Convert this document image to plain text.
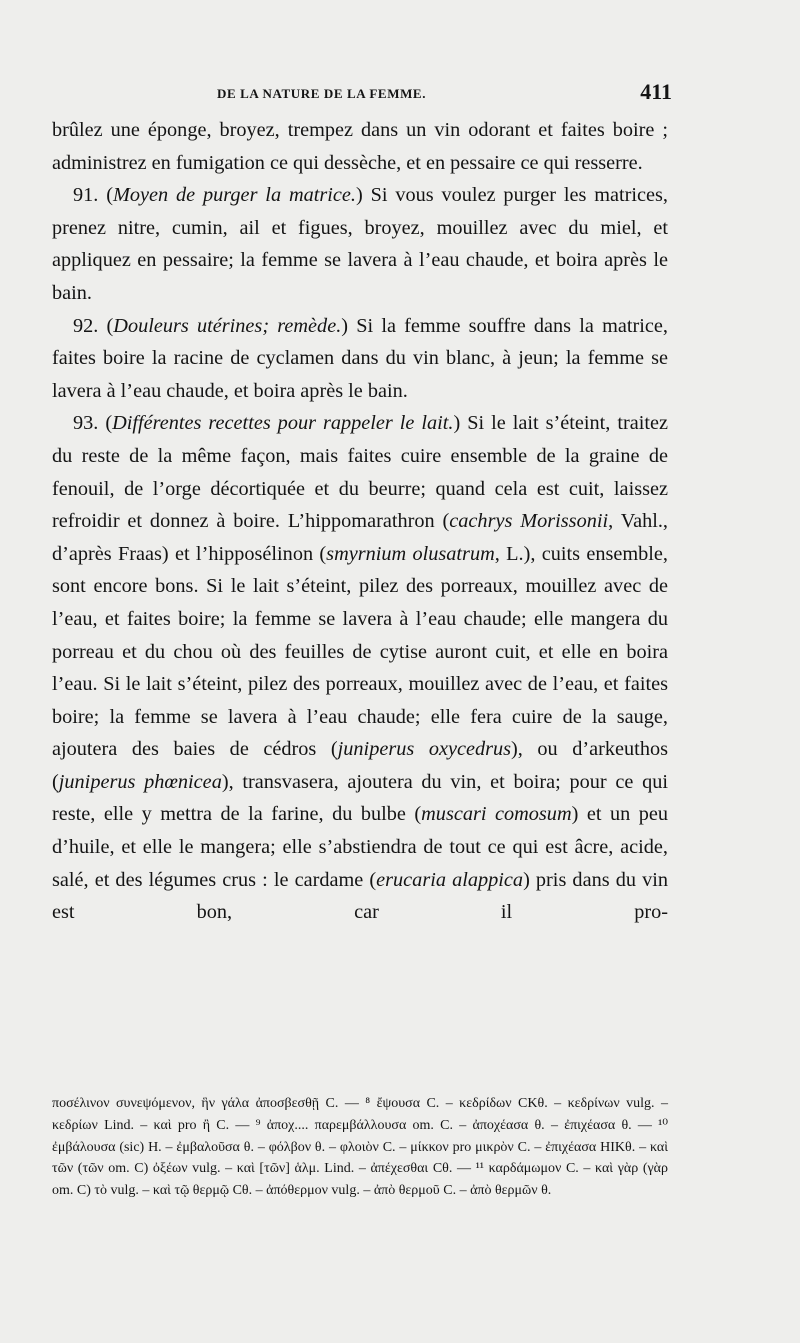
DE LA NATURE DE LA FEMME.	411

brûlez une éponge, broyez, trempez dans un vin odorant et faites boire ; administrez en fumigation ce qui dessèche, et en pessaire ce qui resserre.

91. (Moyen de purger la matrice.) Si vous voulez purger les matrices, prenez nitre, cumin, ail et figues, broyez, mouillez avec du miel, et appliquez en pessaire; la femme se lavera à l’eau chaude, et boira après le bain.

92. (Douleurs utérines; remède.) Si la femme souffre dans la matrice, faites boire la racine de cyclamen dans du vin blanc, à jeun; la femme se lavera à l’eau chaude, et boira après le bain.

93. (Différentes recettes pour rappeler le lait.) Si le lait s’éteint, traitez du reste de la même façon, mais faites cuire ensemble de la graine de fenouil, de l’orge décortiquée et du beurre; quand cela est cuit, laissez refroidir et donnez à boire. L’hippomarathron (cachrys Morissonii, Vahl., d’après Fraas) et l’hipposélinon (smyrnium olusatrum, L.), cuits ensemble, sont encore bons. Si le lait s’éteint, pilez des porreaux, mouillez avec de l’eau, et faites boire; la femme se lavera à l’eau chaude; elle mangera du porreau et du chou où des feuilles de cytise auront cuit, et elle en boira l’eau. Si le lait s’éteint, pilez des porreaux, mouillez avec de l’eau, et faites boire; la femme se lavera à l’eau chaude; elle fera cuire de la sauge, ajoutera des baies de cédros (juniperus oxycedrus), ou d’arkeuthos (juniperus phœnicea), transvasera, ajoutera du vin, et boira; pour ce qui reste, elle y mettra de la farine, du bulbe (muscari comosum) et un peu d’huile, et elle le mangera; elle s’abstiendra de tout ce qui est âcre, acide, salé, et des légumes crus : le cardame (erucaria alappica) pris dans du vin est bon, car il pro-

ποσέλινον συνεψόμενον, ἣν γάλα ἀποσβεσθῇ C. — ⁸ ἔψουσα C. – κεδρίδων CKθ. – κεδρίνων vulg. – κεδρίων Lind. – καὶ pro ἢ C. — ⁹ ἀποχ.... παρεμβάλλουσα om. C. – ἀποχέασα θ. – ἐπιχέασα θ. — ¹⁰ ἐμβάλουσα (sic) H. – ἐμβαλοῦσα θ. – φόλβον θ. – φλοιὸν C. – μίκκον pro μικρὸν C. – ἐπιχέασα HIKθ. – καὶ τῶν (τῶν om. C) ὀξέων vulg. – καὶ [τῶν] ἁλμ. Lind. – ἀπέχεσθαι Cθ. — ¹¹ καρδάμωμον C. – καὶ γὰρ (γὰρ om. C) τὸ vulg. – καὶ τῷ θερμῷ Cθ. – ἀπόθερμον vulg. – ἀπὸ θερμοῦ C. – ἀπὸ θερμῶν θ.
